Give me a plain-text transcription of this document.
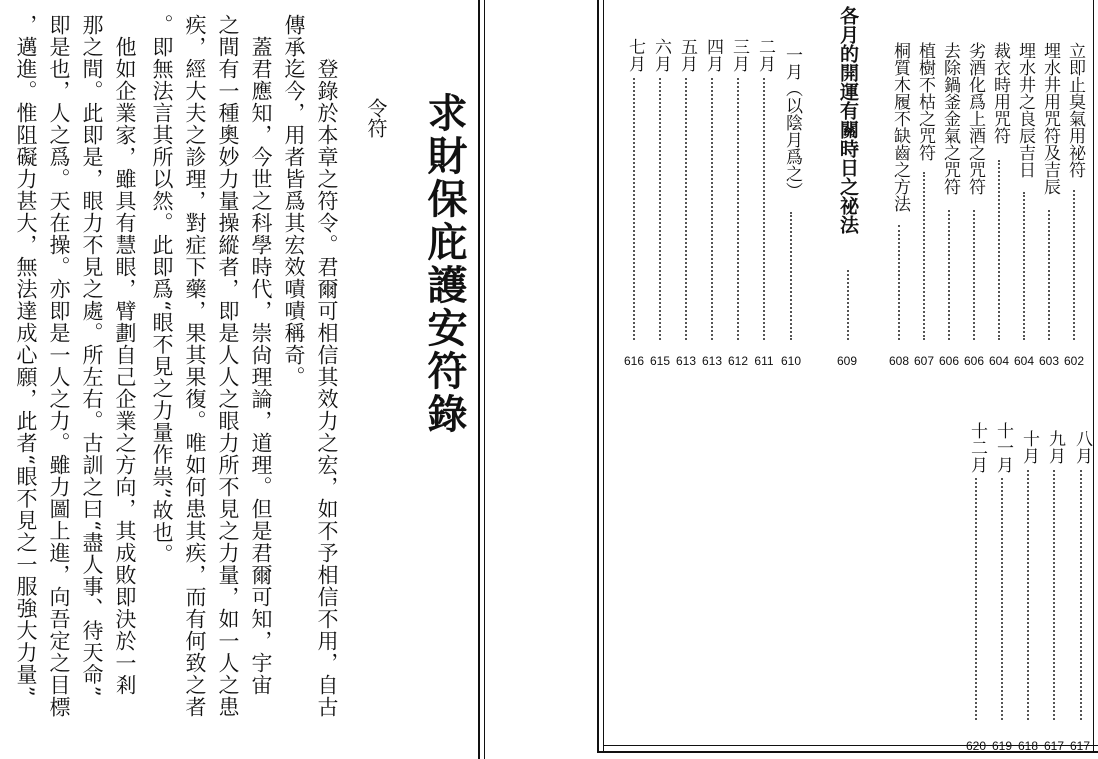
求財保庇護安符錄
令符
登錄於本章之符令。君爾可相信其效力之宏，如不予相信不用，自古
傳承迄今，用者皆爲其宏效嘖嘖稱奇。
　蓋君應知，今世之科學時代，崇尙理論，道理。但是君爾可知，宇宙
之間有一種奧妙力量操縱者，即是人人之眼力所不見之力量，如一人之患
疾，經大夫之診理，對症下藥，果其果復。唯如何患其疾，而有何致之者
。即無法言其所以然。此即爲“眼不見之力量作祟”故也。
　他如企業家，雖具有慧眼，臂劃自己企業之方向，其成敗即決於一剎
那之間。此即是，眼力不見之處。所左右。古訓之曰“盡人事、待天命”
即是也，人之爲。天在操。亦即是一人之力。雖力圖上進，向吾定之目標
，邁進。惟阻礙力甚大，無法達成心願，此者“眼不見之一服強大力量”	立即止臭氣用祕符
602
埋水井用咒符及吉辰
603
埋水井之良辰吉日
604
裁衣時用咒符
604
劣酒化爲上酒之咒符
606
去除鍋釜金氣之咒符
606
植樹不枯之咒符
607
桐質木履不缺齒之方法
608
各月的開運有關時日之祕法
609
一月（以陰月爲之）
610
二月
611
三月
612
四月
613
五月
613
六月
615
七月
616
八月
617
九月
617
十月
618
十一月
619
十二月
620
